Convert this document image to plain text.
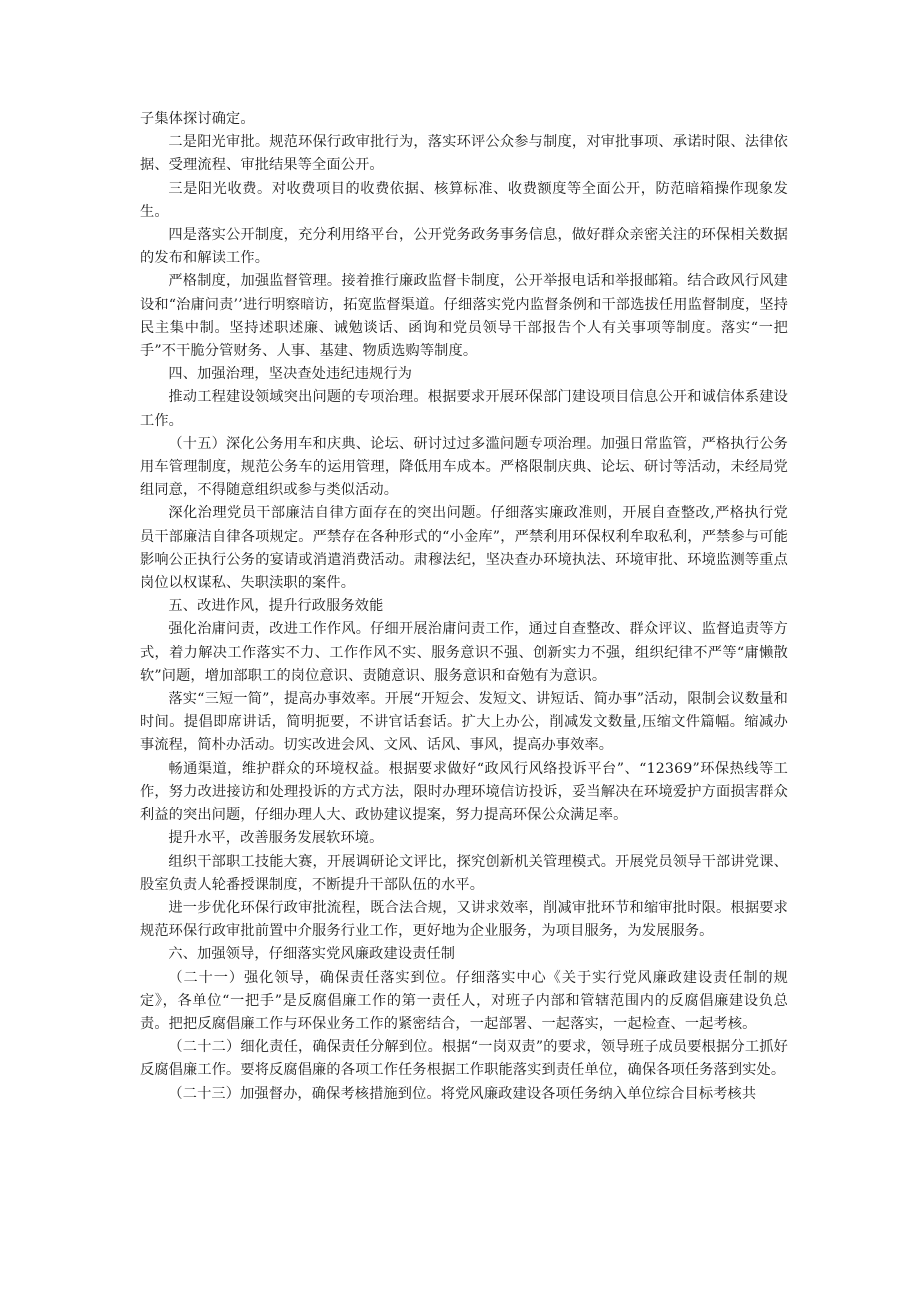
子集体探讨确定。

二是阳光审批。规范环保行政审批行为，落实环评公众参与制度，对审批事项、承诺时限、法律依据、受理流程、审批结果等全面公开。

三是阳光收费。对收费项目的收费依据、核算标准、收费额度等全面公开，防范暗箱操作现象发生。

四是落实公开制度，充分利用络平台，公开党务政务事务信息，做好群众亲密关注的环保相关数据的发布和解读工作。

严格制度，加强监督管理。接着推行廉政监督卡制度，公开举报电话和举报邮箱。结合政风行风建设和“治庸问责’’进行明察暗访，拓宽监督渠道。仔细落实党内监督条例和干部选拔任用监督制度，坚持民主集中制。坚持述职述廉、诫勉谈话、函询和党员领导干部报告个人有关事项等制度。落实“一把手”不干脆分管财务、人事、基建、物质选购等制度。

四、加强治理，坚决查处违纪违规行为

推动工程建设领域突出问题的专项治理。根据要求开展环保部门建设项目信息公开和诚信体系建设工作。

（十五）深化公务用车和庆典、论坛、研讨过过多滥问题专项治理。加强日常监管，严格执行公务用车管理制度，规范公务车的运用管理，降低用车成本。严格限制庆典、论坛、研讨等活动，未经局党组同意，不得随意组织或参与类似活动。

深化治理党员干部廉洁自律方面存在的突出问题。仔细落实廉政准则，开展自查整改,严格执行党员干部廉洁自律各项规定。严禁存在各种形式的“小金库”，严禁利用环保权利牟取私利，严禁参与可能影响公正执行公务的宴请或消遣消费活动。肃穆法纪，坚决查办环境执法、环境审批、环境监测等重点岗位以权谋私、失职渎职的案件。

五、改进作风，提升行政服务效能

强化治庸问责，改进工作作风。仔细开展治庸问责工作，通过自查整改、群众评议、监督追责等方式，着力解决工作落实不力、工作作风不实、服务意识不强、创新实力不强，组织纪律不严等“庸懒散软”问题，增加部职工的岗位意识、责随意识、服务意识和奋勉有为意识。

落实“三短一简”，提高办事效率。开展“开短会、发短文、讲短话、简办事”活动，限制会议数量和时间。提倡即席讲话，简明扼要，不讲官话套话。扩大上办公，削减发文数量,压缩文件篇幅。缩减办事流程，简朴办活动。切实改进会风、文风、话风、事风，提高办事效率。

畅通渠道，维护群众的环境权益。根据要求做好“政风行风络投诉平台”、“12369”环保热线等工作，努力改进接访和处理投诉的方式方法，限时办理环境信访投诉，妥当解决在环境爱护方面损害群众利益的突出问题，仔细办理人大、政协建议提案，努力提高环保公众满足率。

提升水平，改善服务发展软环境。

组织干部职工技能大赛，开展调研论文评比，探究创新机关管理模式。开展党员领导干部讲党课、股室负责人轮番授课制度，不断提升干部队伍的水平。

进一步优化环保行政审批流程，既合法合规，又讲求效率，削减审批环节和缩审批时限。根据要求规范环保行政审批前置中介服务行业工作，更好地为企业服务，为项目服务，为发展服务。

六、加强领导，仔细落实党风廉政建设责任制

（二十一）强化领导，确保责任落实到位。仔细落实中心《关于实行党风廉政建设责任制的规定》，各单位“一把手”是反腐倡廉工作的第一责任人，对班子内部和管辖范围内的反腐倡廉建设负总责。把把反腐倡廉工作与环保业务工作的紧密结合，一起部署、一起落实，一起检查、一起考核。

（二十二）细化责任，确保责任分解到位。根据“一岗双责”的要求，领导班子成员要根据分工抓好反腐倡廉工作。要将反腐倡廉的各项工作任务根据工作职能落实到责任单位，确保各项任务落到实处。

（二十三）加强督办，确保考核措施到位。将党风廉政建设各项任务纳入单位综合目标考核共
